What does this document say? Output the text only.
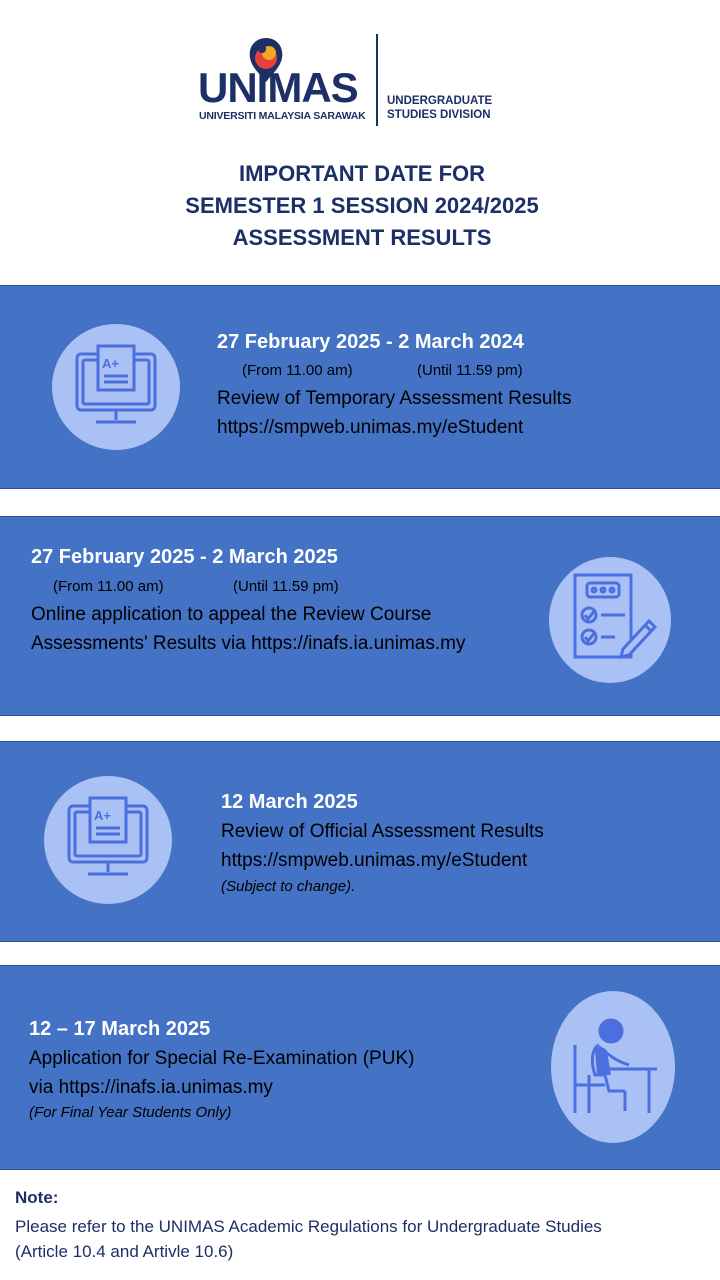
UNIMAS
UNIVERSITI MALAYSIA SARAWAK
UNDERGRADUATE
STUDIES DIVISION
IMPORTANT DATE FOR
SEMESTER 1 SESSION 2024/2025
ASSESSMENT RESULTS
A+
27 February 2025 - 2 March 2024
(From 11.00 am)	(Until 11.59 pm)
Review of Temporary Assessment Results
https://smpweb.unimas.my/eStudent
27 February 2025 - 2 March 2025
(From 11.00 am)	(Until 11.59 pm)
Online application to appeal the Review Course
Assessments' Results via https://inafs.ia.unimas.my
A+
12 March 2025
Review of Official Assessment Results
https://smpweb.unimas.my/eStudent
(Subject to change).
12 – 17 March 2025
Application for Special Re-Examination (PUK)
via https://inafs.ia.unimas.my
(For Final Year Students Only)
Note:
Please refer to the UNIMAS Academic Regulations for Undergraduate Studies
(Article 10.4 and Artivle 10.6)
